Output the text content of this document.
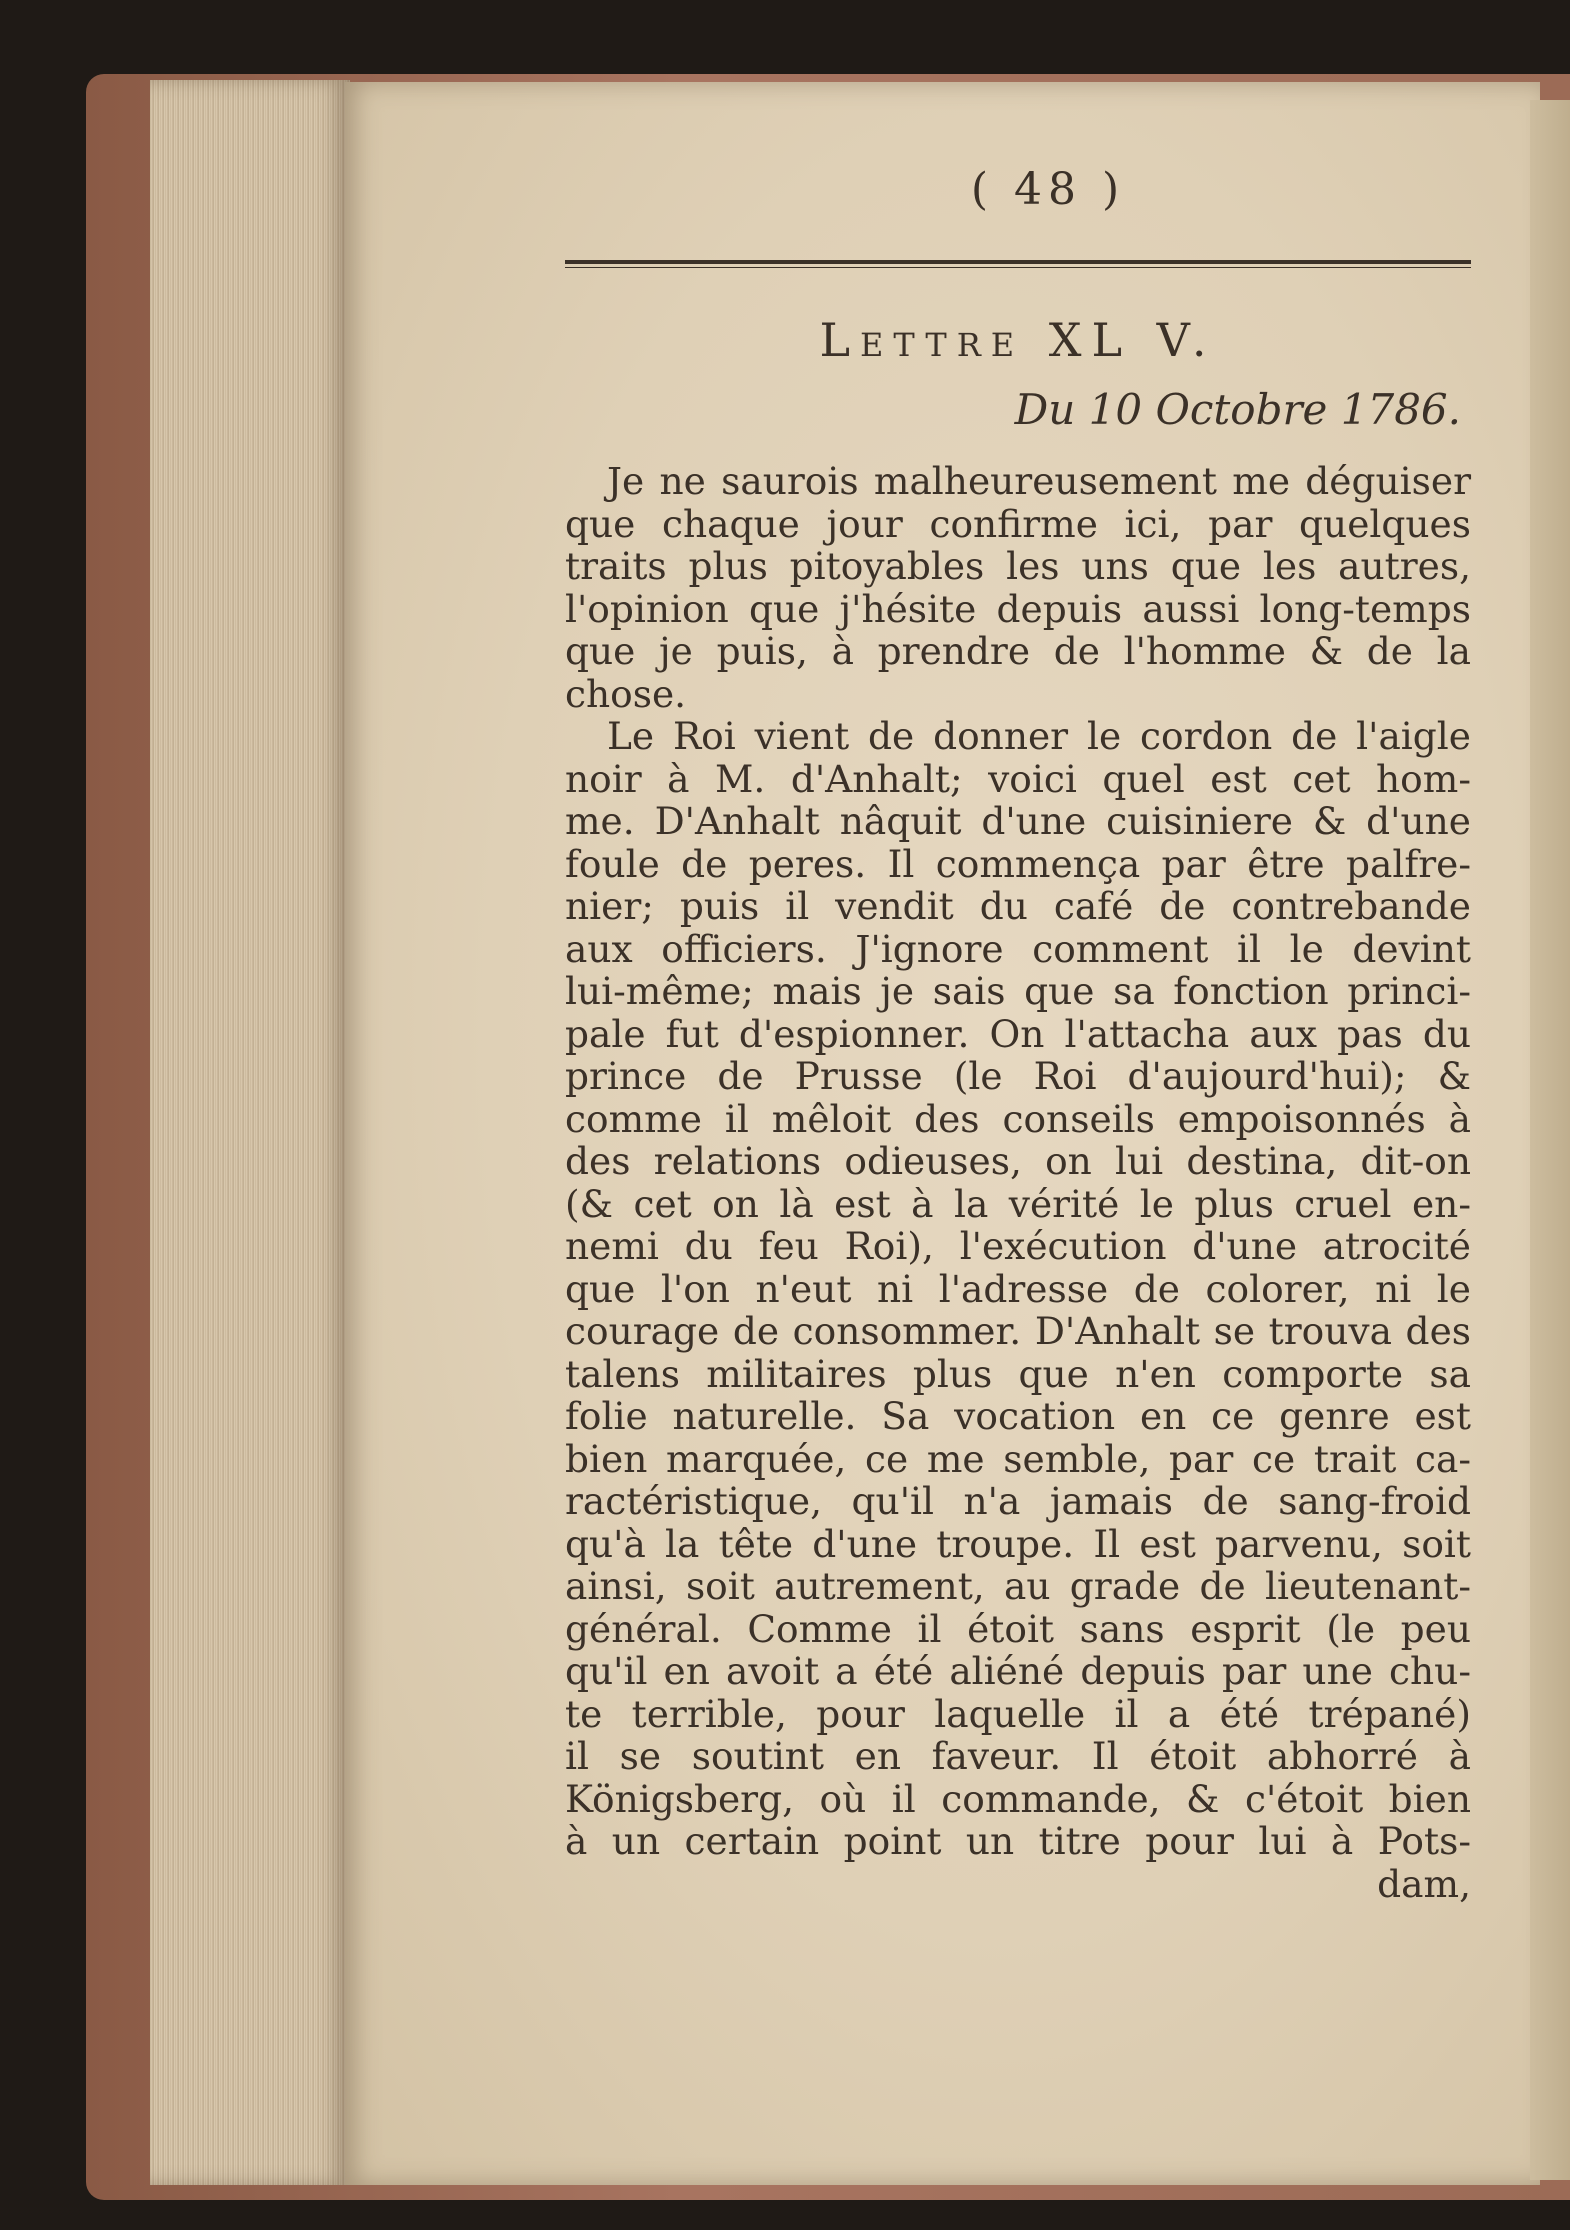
( 48 )
Lettre XL V.
Du 10 Octobre 1786.
Je ne saurois malheureusement me déguiser
que chaque jour confirme ici, par quelques
traits plus pitoyables les uns que les autres,
l'opinion que j'hésite depuis aussi long-temps
que je puis, à prendre de l'homme & de la
chose.
Le Roi vient de donner le cordon de l'aigle
noir à M. d'Anhalt; voici quel est cet hom-
me. D'Anhalt nâquit d'une cuisiniere & d'une
foule de peres. Il commença par être palfre-
nier; puis il vendit du café de contrebande
aux officiers. J'ignore comment il le devint
lui-même; mais je sais que sa fonction princi-
pale fut d'espionner. On l'attacha aux pas du
prince de Prusse (le Roi d'aujourd'hui); &
comme il mêloit des conseils empoisonnés à
des relations odieuses, on lui destina, dit-on
(& cet on là est à la vérité le plus cruel en-
nemi du feu Roi), l'exécution d'une atrocité
que l'on n'eut ni l'adresse de colorer, ni le
courage de consommer. D'Anhalt se trouva des
talens militaires plus que n'en comporte sa
folie naturelle. Sa vocation en ce genre est
bien marquée, ce me semble, par ce trait ca-
ractéristique, qu'il n'a jamais de sang-froid
qu'à la tête d'une troupe. Il est parvenu, soit
ainsi, soit autrement, au grade de lieutenant-
général. Comme il étoit sans esprit (le peu
qu'il en avoit a été aliéné depuis par une chu-
te terrible, pour laquelle il a été trépané)
il se soutint en faveur. Il étoit abhorré à
Königsberg, où il commande, & c'étoit bien
à un certain point un titre pour lui à Pots-
dam,
